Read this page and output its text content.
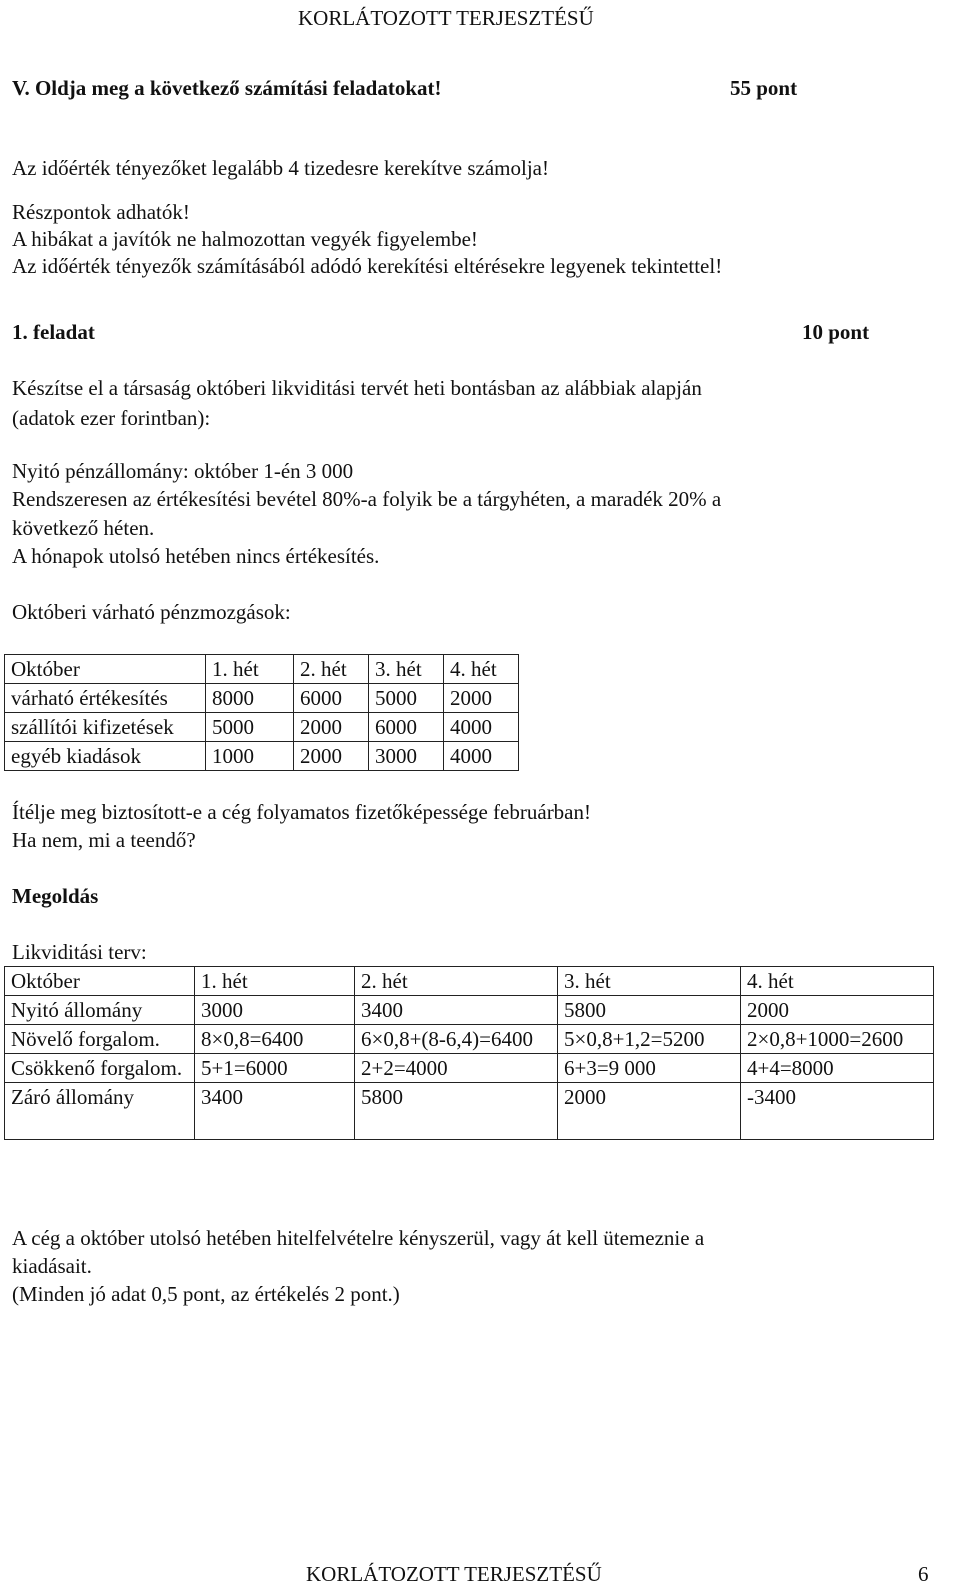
KORLÁTOZOTT TERJESZTÉSŰ
V. Oldja meg a következő számítási feladatokat!	55 pont
Az időérték tényezőket legalább 4 tizedesre kerekítve számolja!
Részpontok adhatók!
A hibákat a javítók ne halmozottan vegyék figyelembe!
Az időérték tényezők számításából adódó kerekítési eltérésekre legyenek tekintettel!
1. feladat	10 pont
Készítse el a társaság októberi likviditási tervét heti bontásban az alábbiak alapján
(adatok ezer forintban):
Nyitó pénzállomány: október 1-én 3 000
Rendszeresen az értékesítési bevétel 80%-a folyik be a tárgyhéten, a maradék 20% a
következő héten.
A hónapok utolsó hetében nincs értékesítés.
Októberi várható pénzmozgások:
Október	1. hét	2. hét	3. hét	4. hét
várható értékesítés	8000	6000	5000	2000
szállítói kifizetések	5000	2000	6000	4000
egyéb kiadások	1000	2000	3000	4000
Ítélje meg biztosított-e a cég folyamatos fizetőképessége februárban!
Ha nem, mi a teendő?
Megoldás
Likviditási terv:
Október	1. hét	2. hét	3. hét	4. hét
Nyitó állomány	3000	3400	5800	2000
Növelő forgalom.	8×0,8=6400	6×0,8+(8-6,4)=6400	5×0,8+1,2=5200	2×0,8+1000=2600
Csökkenő forgalom.	5+1=6000	2+2=4000	6+3=9 000	4+4=8000
Záró állomány	3400	5800	2000	-3400
A cég a október utolsó hetében hitelfelvételre kényszerül, vagy át kell ütemeznie a
kiadásait.
(Minden jó adat 0,5 pont, az értékelés 2 pont.)
KORLÁTOZOTT TERJESZTÉSŰ	6
